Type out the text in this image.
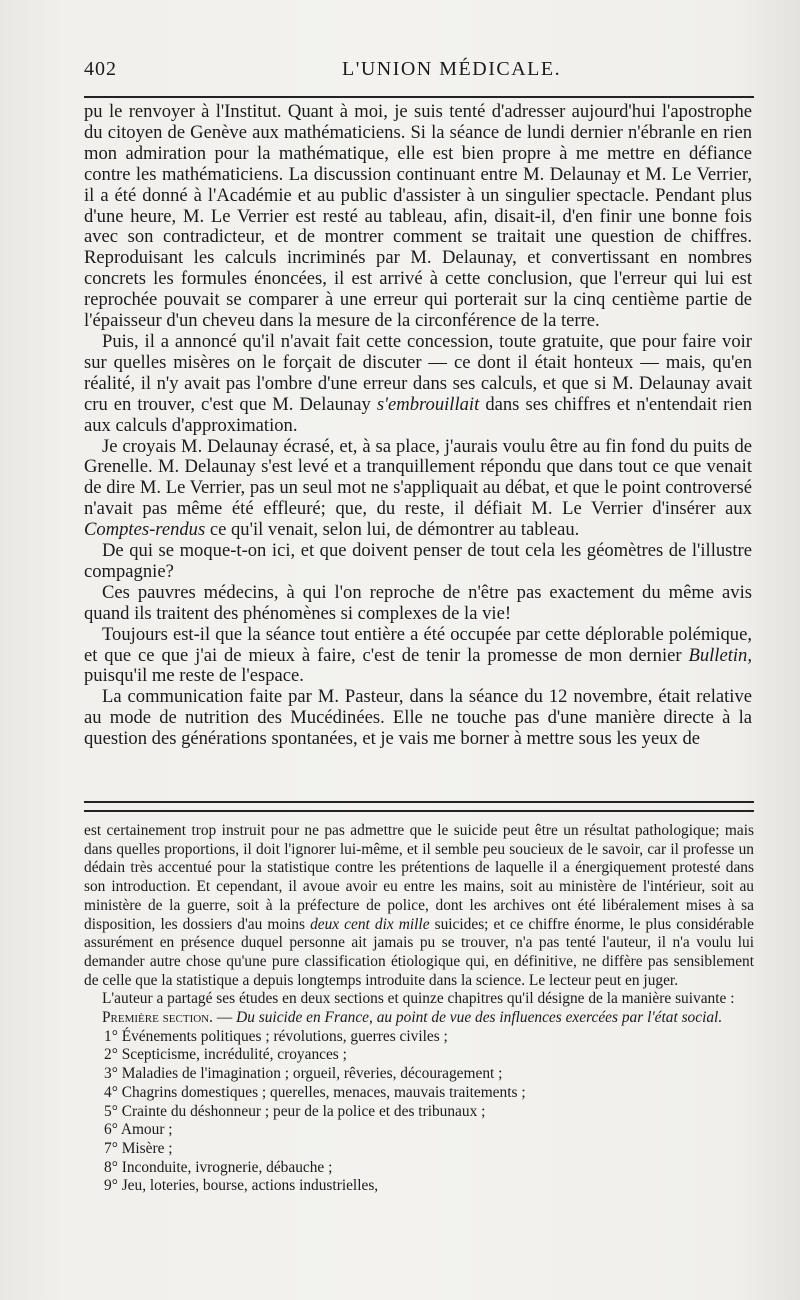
402	L'UNION MÉDICALE.

pu le renvoyer à l'Institut. Quant à moi, je suis tenté d'adresser aujourd'hui l'apostrophe du citoyen de Genève aux mathématiciens. Si la séance de lundi dernier n'ébranle en rien mon admiration pour la mathématique, elle est bien propre à me mettre en défiance contre les mathématiciens. La discussion continuant entre M. Delaunay et M. Le Verrier, il a été donné à l'Académie et au public d'assister à un singulier spectacle. Pendant plus d'une heure, M. Le Verrier est resté au tableau, afin, disait-il, d'en finir une bonne fois avec son contradicteur, et de montrer comment se traitait une question de chiffres. Reproduisant les calculs incriminés par M. Delaunay, et convertissant en nombres concrets les formules énoncées, il est arrivé à cette conclusion, que l'erreur qui lui est reprochée pouvait se comparer à une erreur qui porterait sur la cinq centième partie de l'épaisseur d'un cheveu dans la mesure de la circonférence de la terre.

Puis, il a annoncé qu'il n'avait fait cette concession, toute gratuite, que pour faire voir sur quelles misères on le forçait de discuter — ce dont il était honteux — mais, qu'en réalité, il n'y avait pas l'ombre d'une erreur dans ses calculs, et que si M. Delaunay avait cru en trouver, c'est que M. Delaunay s'embrouillait dans ses chiffres et n'entendait rien aux calculs d'approximation.

Je croyais M. Delaunay écrasé, et, à sa place, j'aurais voulu être au fin fond du puits de Grenelle. M. Delaunay s'est levé et a tranquillement répondu que dans tout ce que venait de dire M. Le Verrier, pas un seul mot ne s'appliquait au débat, et que le point controversé n'avait pas même été effleuré; que, du reste, il défiait M. Le Verrier d'insérer aux Comptes-rendus ce qu'il venait, selon lui, de démontrer au tableau.

De qui se moque-t-on ici, et que doivent penser de tout cela les géomètres de l'illustre compagnie?

Ces pauvres médecins, à qui l'on reproche de n'être pas exactement du même avis quand ils traitent des phénomènes si complexes de la vie!

Toujours est-il que la séance tout entière a été occupée par cette déplorable polémique, et que ce que j'ai de mieux à faire, c'est de tenir la promesse de mon dernier Bulletin, puisqu'il me reste de l'espace.

La communication faite par M. Pasteur, dans la séance du 12 novembre, était relative au mode de nutrition des Mucédinées. Elle ne touche pas d'une manière directe à la question des générations spontanées, et je vais me borner à mettre sous les yeux de

est certainement trop instruit pour ne pas admettre que le suicide peut être un résultat pathologique; mais dans quelles proportions, il doit l'ignorer lui-même, et il semble peu soucieux de le savoir, car il professe un dédain très accentué pour la statistique contre les prétentions de laquelle il a énergiquement protesté dans son introduction. Et cependant, il avoue avoir eu entre les mains, soit au ministère de l'intérieur, soit au ministère de la guerre, soit à la préfecture de police, dont les archives ont été libéralement mises à sa disposition, les dossiers d'au moins deux cent dix mille suicides; et ce chiffre énorme, le plus considérable assurément en présence duquel personne ait jamais pu se trouver, n'a pas tenté l'auteur, il n'a voulu lui demander autre chose qu'une pure classification étiologique qui, en définitive, ne diffère pas sensiblement de celle que la statistique a depuis longtemps introduite dans la science. Le lecteur peut en juger.

L'auteur a partagé ses études en deux sections et quinze chapitres qu'il désigne de la manière suivante :

Première section. — Du suicide en France, au point de vue des influences exercées par l'état social.

1° Événements politiques ; révolutions, guerres civiles ;
2° Scepticisme, incrédulité, croyances ;
3° Maladies de l'imagination ; orgueil, rêveries, découragement ;
4° Chagrins domestiques ; querelles, menaces, mauvais traitements ;
5° Crainte du déshonneur ; peur de la police et des tribunaux ;
6° Amour ;
7° Misère ;
8° Inconduite, ivrognerie, débauche ;
9° Jeu, loteries, bourse, actions industrielles,
